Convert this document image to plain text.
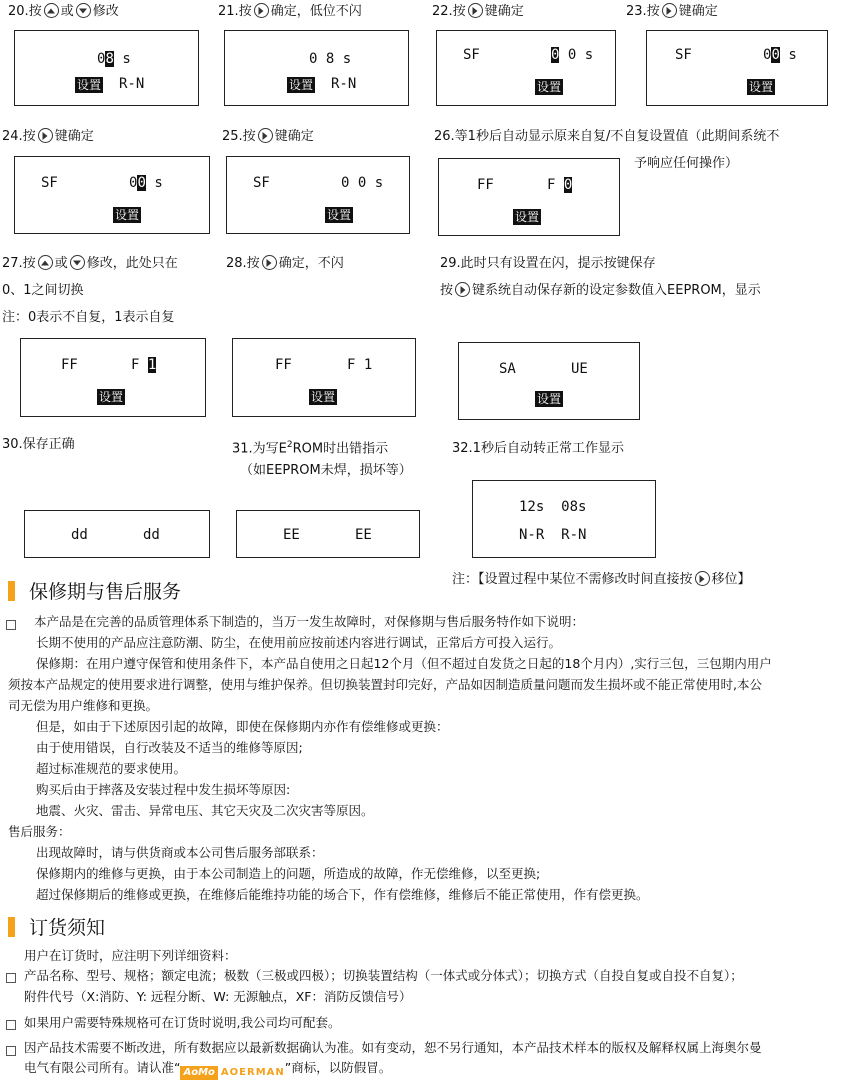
20.按 或 修改	21.按 确定，低位不闪	22.按 键确定	23.按 键确定
08 s
设置 R-N
0 8 s
设置 R-N
SF	0 0 s
设置
SF	00 s
设置
24.按 键确定	25.按 键确定	26.等1秒后自动显示原来自复/不自复设置值（此期间系统不
予响应任何操作）
SF	00 s
设置
SF	0 0 s
设置
FF	F 0
设置
27.按 或 修改，此处只在
0、1之间切换
注：0表示不自复，1表示自复
28.按 确定，不闪	29.此时只有设置在闪，提示按键保存
按 键系统自动保存新的设定参数值入EEPROM，显示
FF	F 1
设置
FF	F 1
设置
SA	UE
设置
30.保存正确	31.为写$E^2ROM$时出错指示
（如EEPROM未焊，损坏等）
32.1秒后自动转正常工作显示
dd	dd	EE	EE
12s  08s
N-R  R-N
注：【设置过程中某位不需修改时间直接按 移位】
保修期与售后服务
本产品是在完善的品质管理体系下制造的，当万一发生故障时，对保修期与售后服务特作如下说明：
长期不使用的产品应注意防潮、防尘，在使用前应按前述内容进行调试，正常后方可投入运行。
保修期：在用户遵守保管和使用条件下，本产品自使用之日起12个月（但不超过自发货之日起的18个月内）,实行三包，三包期内用户
须按本产品规定的使用要求进行调整，使用与维护保养。但切换装置封印完好，产品如因制造质量问题而发生损坏或不能正常使用时,本公
司无偿为用户维修和更换。
但是，如由于下述原因引起的故障，即使在保修期内亦作有偿维修或更换：
由于使用错误，自行改装及不适当的维修等原因;
超过标准规范的要求使用。
购买后由于摔落及安装过程中发生损坏等原因:
地震、火灾、雷击、异常电压、其它天灾及二次灾害等原因。
售后服务：
出现故障时，请与供货商或本公司售后服务部联系：
保修期内的维修与更换，由于本公司制造上的问题，所造成的故障，作无偿维修，以至更换;
超过保修期后的维修或更换，在维修后能维持功能的场合下，作有偿维修，维修后不能正常使用，作有偿更换。
订货须知
用户在订货时，应注明下列详细资料：
产品名称、型号、规格；额定电流；极数（三极或四极）；切换装置结构（一体式或分体式）；切换方式（自投自复或自投不自复）；
附件代号（X:消防、Y: 远程分断、W: 无源触点，XF：消防反馈信号）
如果用户需要特殊规格可在订货时说明,我公司均可配套。
因产品技术需要不断改进，所有数据应以最新数据确认为准。如有变动，恕不另行通知，本产品技术样本的版权及解释权属上海奥尔曼
电气有限公司所有。请认准“ AoMo AOERMAN”商标，以防假冒。
